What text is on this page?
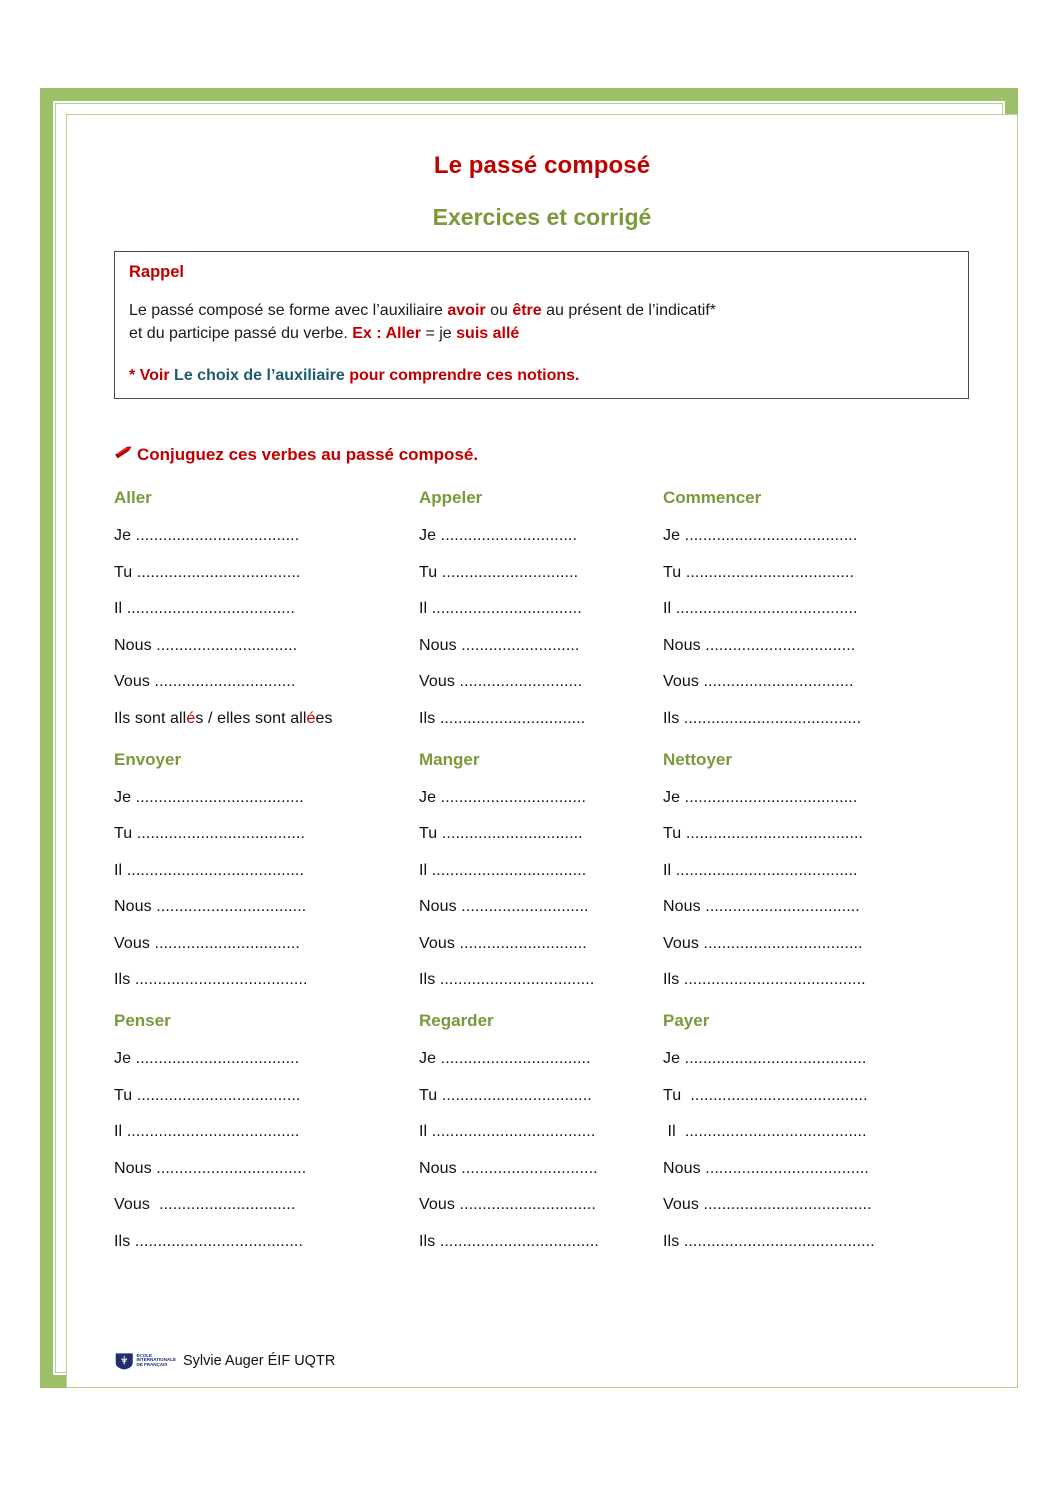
Le passé composé
Exercices et corrigé
Rappel
Le passé composé se forme avec l’auxiliaire avoir ou être au présent de l’indicatif*
et du participe passé du verbe. Ex : Aller = je suis allé
* Voir Le choix de l’auxiliaire pour comprendre ces notions.
Conjuguez ces verbes au passé composé.
Aller
Je ....................................
Tu ....................................
Il .....................................
Nous ...............................
Vous ...............................
Ils sont allés / elles sont allées
Appeler
Je ..............................
Tu ..............................
Il .................................
Nous ..........................
Vous ...........................
Ils ................................
Commencer
Je ......................................
Tu .....................................
Il ........................................
Nous .................................
Vous .................................
Ils .......................................
Envoyer
Je .....................................
Tu .....................................
Il .......................................
Nous .................................
Vous ................................
Ils ......................................
Manger
Je ................................
Tu ...............................
Il ..................................
Nous ............................
Vous ............................
Ils ..................................
Nettoyer
Je ......................................
Tu .......................................
Il ........................................
Nous ..................................
Vous ...................................
Ils ........................................
Penser
Je ....................................
Tu ....................................
Il ......................................
Nous .................................
Vous  ..............................
Ils .....................................
Regarder
Je .................................
Tu .................................
Il ....................................
Nous ..............................
Vous ..............................
Ils ...................................
Payer
Je ........................................
Tu  .......................................
Il  ........................................
Nous ....................................
Vous .....................................
Ils ..........................................
ÉCOLE
INTERNATIONALE
DE FRANÇAIS	Sylvie Auger ÉIF UQTR
